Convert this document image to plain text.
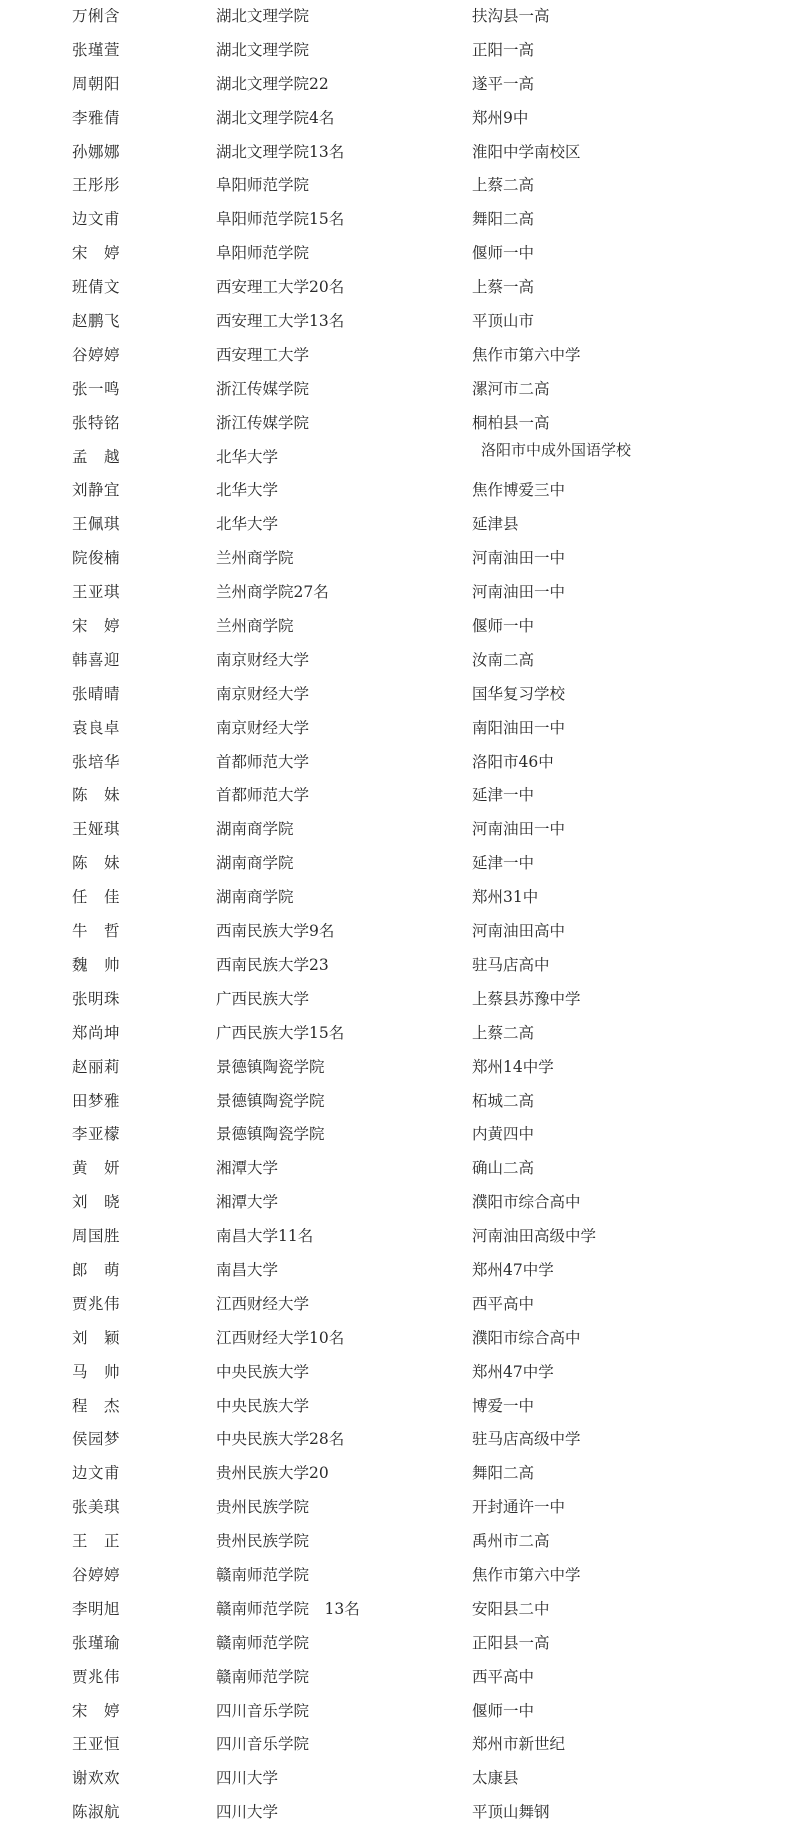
万俐含	湖北文理学院	扶沟县一高
张瑾萱	湖北文理学院	正阳一高
周朝阳	湖北文理学院22	遂平一高
李雅倩	湖北文理学院4名	郑州9中
孙娜娜	湖北文理学院13名	淮阳中学南校区
王彤彤	阜阳师范学院	上蔡二高
边文甫	阜阳师范学院15名	舞阳二高
宋　婷	阜阳师范学院	偃师一中
班倩文	西安理工大学20名	上蔡一高
赵鹏飞	西安理工大学13名	平顶山市
谷婷婷	西安理工大学	焦作市第六中学
张一鸣	浙江传媒学院	漯河市二高
张特铭	浙江传媒学院	桐柏县一高
孟　越	北华大学	洛阳市中成外国语学校
刘静宜	北华大学	焦作博爱三中
王佩琪	北华大学	延津县
院俊楠	兰州商学院	河南油田一中
王亚琪	兰州商学院27名	河南油田一中
宋　婷	兰州商学院	偃师一中
韩喜迎	南京财经大学	汝南二高
张晴晴	南京财经大学	国华复习学校
袁良卓	南京财经大学	南阳油田一中
张培华	首都师范大学	洛阳市46中
陈　妹	首都师范大学	延津一中
王娅琪	湖南商学院	河南油田一中
陈　妹	湖南商学院	延津一中
任　佳	湖南商学院	郑州31中
牛　哲	西南民族大学9名	河南油田高中
魏　帅	西南民族大学23	驻马店高中
张明珠	广西民族大学	上蔡县苏豫中学
郑尚坤	广西民族大学15名	上蔡二高
赵丽莉	景德镇陶瓷学院	郑州14中学
田梦雅	景德镇陶瓷学院	柘城二高
李亚檬	景德镇陶瓷学院	内黄四中
黄　妍	湘潭大学	确山二高
刘　晓	湘潭大学	濮阳市综合高中
周国胜	南昌大学11名	河南油田高级中学
郎　萌	南昌大学	郑州47中学
贾兆伟	江西财经大学	西平高中
刘　颖	江西财经大学10名	濮阳市综合高中
马　帅	中央民族大学	郑州47中学
程　杰	中央民族大学	博爱一中
侯园梦	中央民族大学28名	驻马店高级中学
边文甫	贵州民族大学20	舞阳二高
张美琪	贵州民族学院	开封通许一中
王　正	贵州民族学院	禹州市二高
谷婷婷	赣南师范学院	焦作市第六中学
李明旭	赣南师范学院　13名	安阳县二中
张瑾瑜	赣南师范学院	正阳县一高
贾兆伟	赣南师范学院	西平高中
宋　婷	四川音乐学院	偃师一中
王亚恒	四川音乐学院	郑州市新世纪
谢欢欢	四川大学	太康县
陈淑航	四川大学	平顶山舞钢
